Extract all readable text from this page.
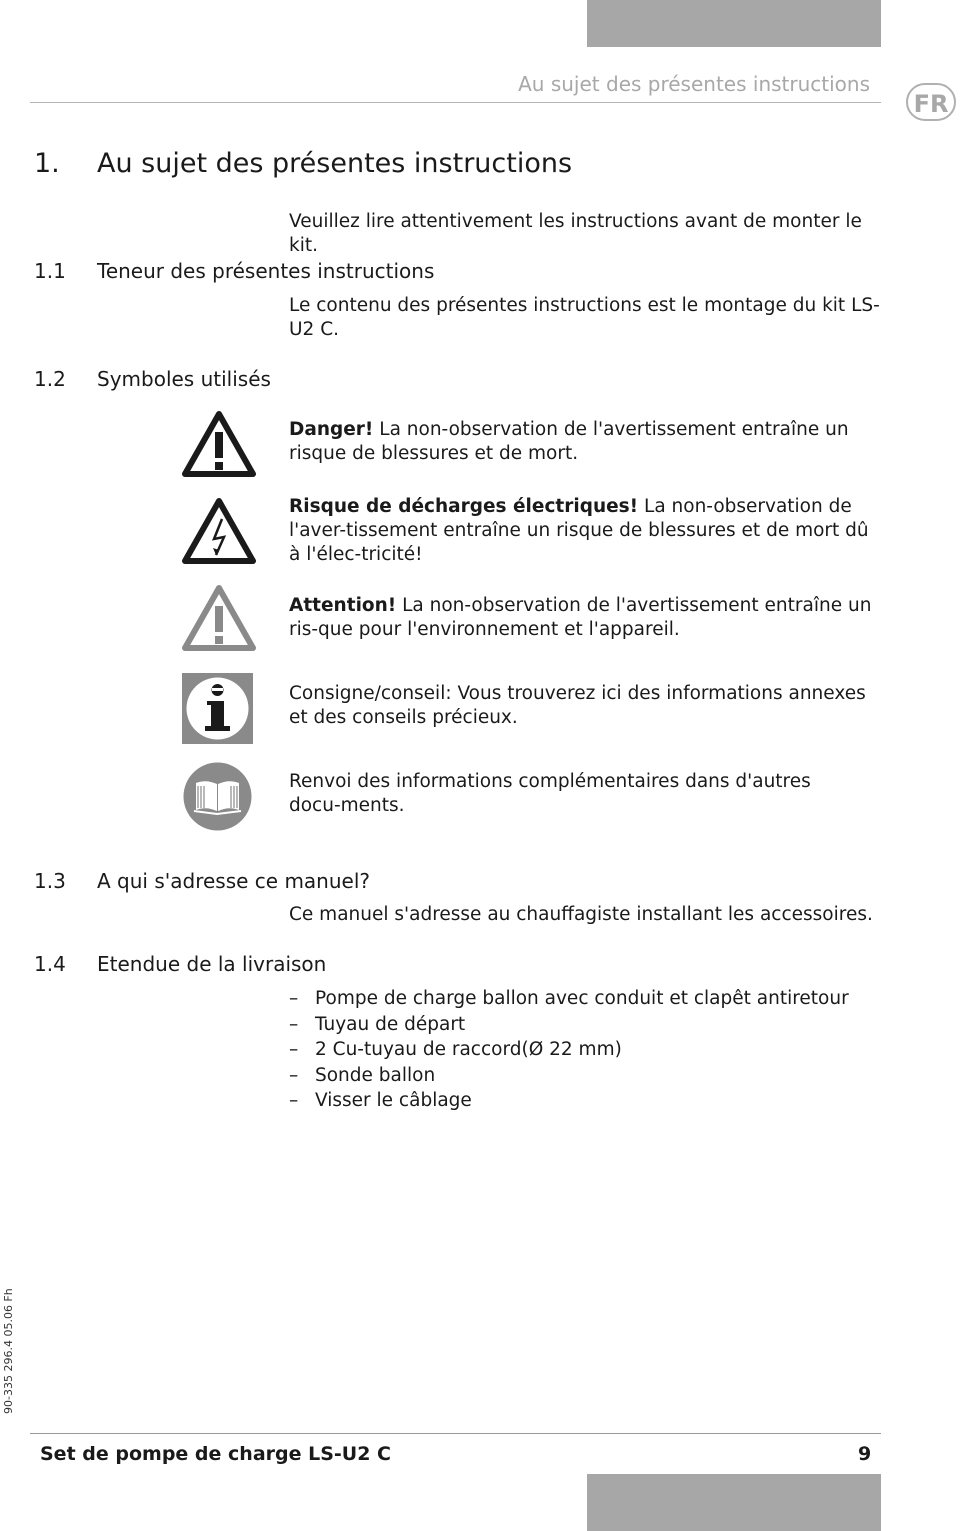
Au sujet des présentes instructions
FR
1. Au sujet des présentes instructions
Veuillez lire attentivement les instructions avant de monter le kit.
1.1 Teneur des présentes instructions
Le contenu des présentes instructions est le montage du kit LS-U2 C.
1.2 Symboles utilisés
Danger! La non-observation de l'avertissement entraîne un risque de blessures et de mort.
Risque de décharges électriques! La non-observation de l'aver-tissement entraîne un risque de blessures et de mort dû à l'élec-tricité!
Attention! La non-observation de l'avertissement entraîne un ris-que pour l'environnement et l'appareil.
Consigne/conseil: Vous trouverez ici des informations annexes et des conseils précieux.
Renvoi des informations complémentaires dans d'autres docu-ments.
1.3 A qui s'adresse ce manuel?
Ce manuel s'adresse au chauffagiste installant les accessoires.
1.4 Etendue de la livraison
– Pompe de charge ballon avec conduit et clapêt antiretour
– Tuyau de départ
– 2 Cu-tuyau de raccord(Ø 22 mm)
– Sonde ballon
– Visser le câblage
90-335 296.4 05.06 Fh
Set de pompe de charge LS-U2 C	9
